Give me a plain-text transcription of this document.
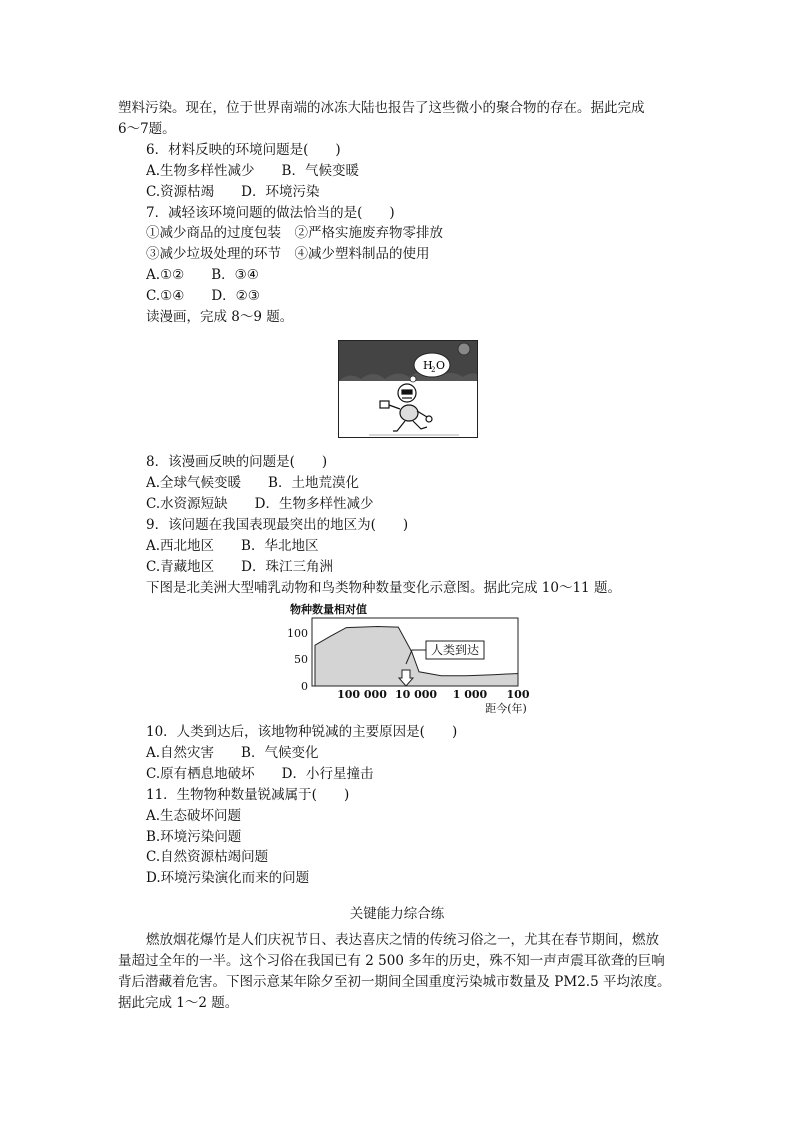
塑料污染。现在，位于世界南端的冰冻大陆也报告了这些微小的聚合物的存在。据此完成
6～7题。
6．材料反映的环境问题是(　　)
A.生物多样性减少　　B．气候变暖
C.资源枯竭　　D．环境污染
7．减轻该环境问题的做法恰当的是(　　)
①减少商品的过度包装　②严格实施废弃物零排放
③减少垃圾处理的环节　④减少塑料制品的使用
A.①②　　B．③④
C.①④　　D．②③
读漫画，完成 8～9 题。
H
2 O
8．该漫画反映的问题是(　　)
A.全球气候变暖　　B．土地荒漠化
C.水资源短缺　　D．生物多样性减少
9．该问题在我国表现最突出的地区为(　　)
A.西北地区　　B．华北地区
C.青藏地区　　D．珠江三角洲
下图是北美洲大型哺乳动物和鸟类物种数量变化示意图。据此完成 10～11 题。
物种数量相对值
100
50
0
100 000 10 000 1 000 100
距今(年)
人类到达
10．人类到达后，该地物种锐减的主要原因是(　　)
A.自然灾害　　B．气候变化
C.原有栖息地破坏　　D．小行星撞击
11．生物物种数量锐减属于(　　)
A.生态破坏问题
B.环境污染问题
C.自然资源枯竭问题
D.环境污染演化而来的问题
关键能力综合练
燃放烟花爆竹是人们庆祝节日、表达喜庆之情的传统习俗之一，尤其在春节期间，燃放
量超过全年的一半。这个习俗在我国已有 2 500 多年的历史，殊不知一声声震耳欲聋的巨响
背后潜藏着危害。下图示意某年除夕至初一期间全国重度污染城市数量及 PM2.5 平均浓度。
据此完成 1～2 题。
